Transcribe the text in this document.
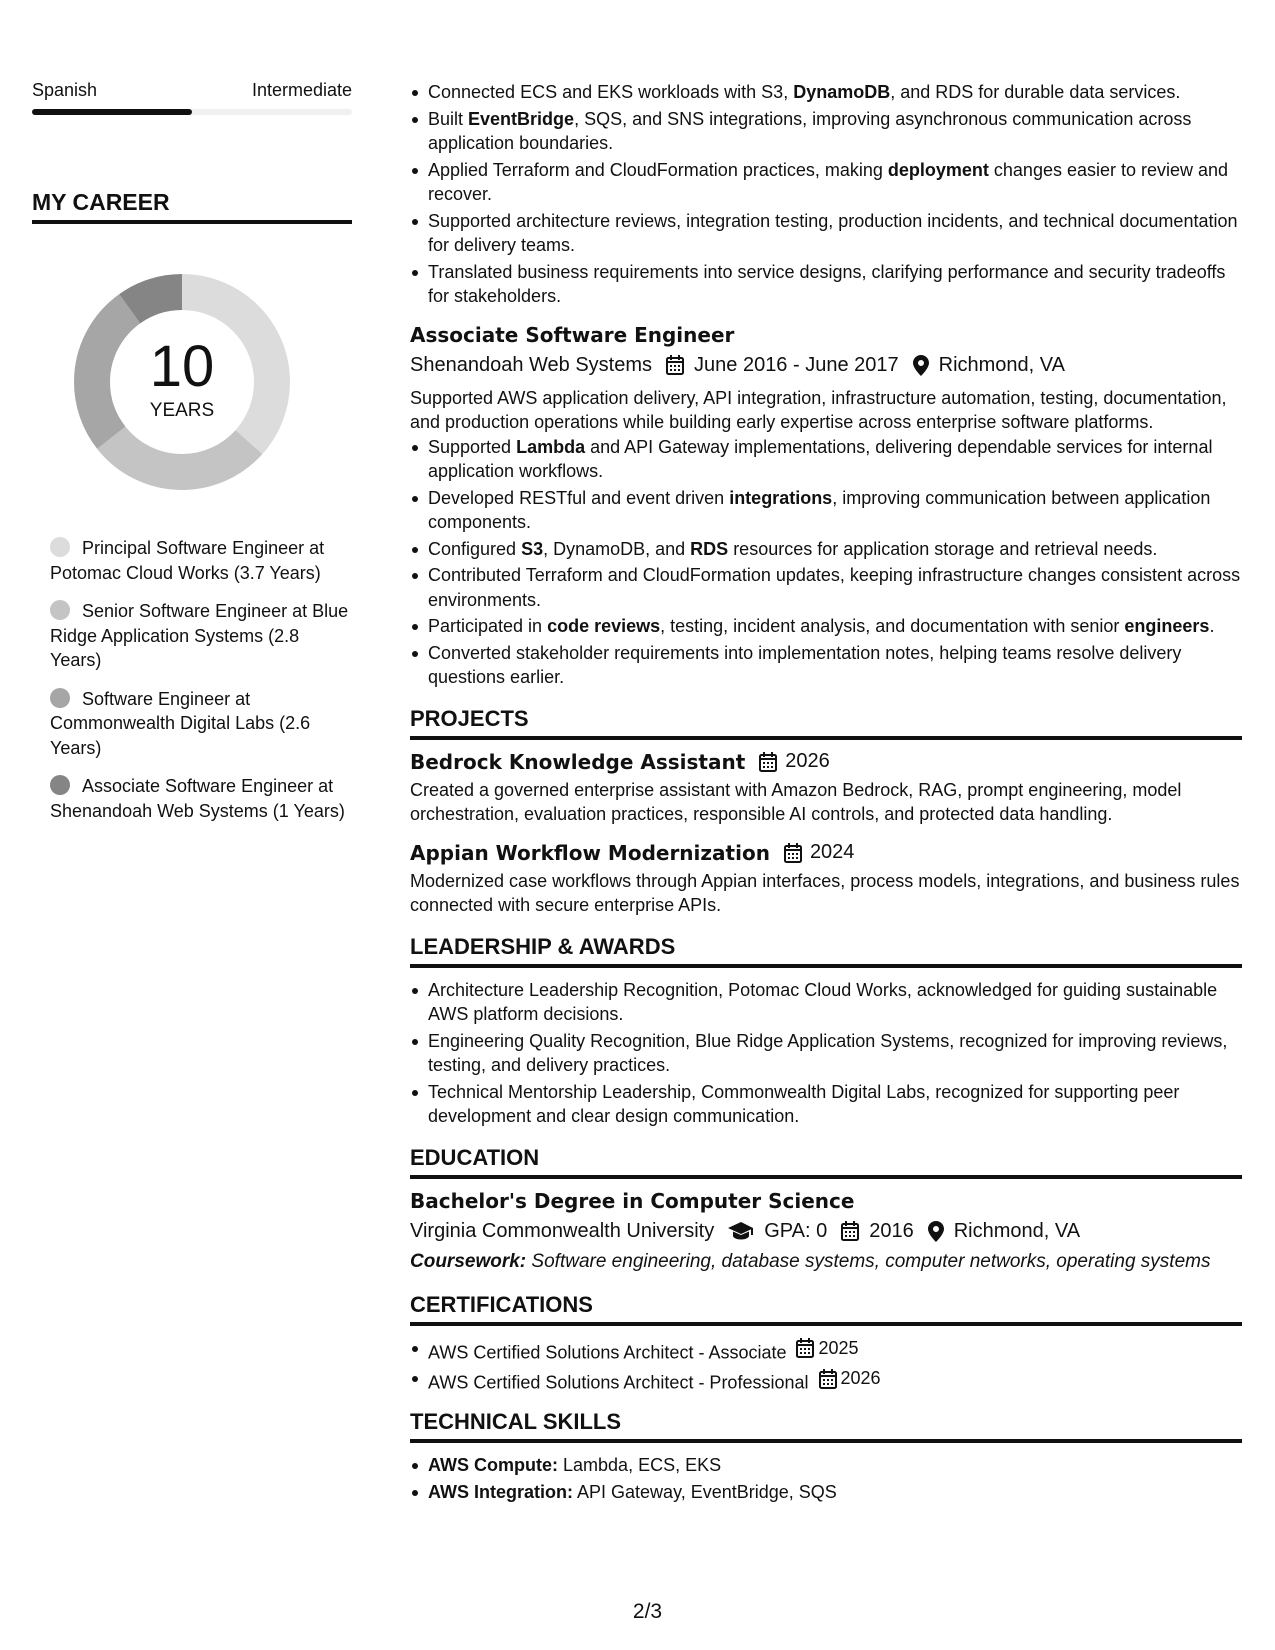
Spanish	Intermediate
MY CAREER
10
YEARS
Principal Software Engineer at Potomac Cloud Works (3.7 Years)
Senior Software Engineer at Blue Ridge Application Systems (2.8 Years)
Software Engineer at Commonwealth Digital Labs (2.6 Years)
Associate Software Engineer at Shenandoah Web Systems (1 Years)
Connected ECS and EKS workloads with S3, DynamoDB, and RDS for durable data services.
Built EventBridge, SQS, and SNS integrations, improving asynchronous communication across application boundaries.
Applied Terraform and CloudFormation practices, making deployment changes easier to review and recover.
Supported architecture reviews, integration testing, production incidents, and technical documentation for delivery teams.
Translated business requirements into service designs, clarifying performance and security tradeoffs for stakeholders.
Associate Software Engineer
Shenandoah Web Systems June 2016 - June 2017 Richmond, VA
Supported AWS application delivery, API integration, infrastructure automation, testing, documentation, and production operations while building early expertise across enterprise software platforms.
Supported Lambda and API Gateway implementations, delivering dependable services for internal application workflows.
Developed RESTful and event driven integrations, improving communication between application components.
Configured S3, DynamoDB, and RDS resources for application storage and retrieval needs.
Contributed Terraform and CloudFormation updates, keeping infrastructure changes consistent across environments.
Participated in code reviews, testing, incident analysis, and documentation with senior engineers.
Converted stakeholder requirements into implementation notes, helping teams resolve delivery questions earlier.
PROJECTS
Bedrock Knowledge Assistant 2026
Created a governed enterprise assistant with Amazon Bedrock, RAG, prompt engineering, model orchestration, evaluation practices, responsible AI controls, and protected data handling.
Appian Workflow Modernization 2024
Modernized case workflows through Appian interfaces, process models, integrations, and business rules connected with secure enterprise APIs.
LEADERSHIP & AWARDS
Architecture Leadership Recognition, Potomac Cloud Works, acknowledged for guiding sustainable AWS platform decisions.
Engineering Quality Recognition, Blue Ridge Application Systems, recognized for improving reviews, testing, and delivery practices.
Technical Mentorship Leadership, Commonwealth Digital Labs, recognized for supporting peer development and clear design communication.
EDUCATION
Bachelor's Degree in Computer Science
Virginia Commonwealth University	GPA: 0 2016 Richmond, VA
Coursework: Software engineering, database systems, computer networks, operating systems
CERTIFICATIONS
AWS Certified Solutions Architect - Associate 2025
AWS Certified Solutions Architect - Professional 2026
TECHNICAL SKILLS
AWS Compute: Lambda, ECS, EKS
AWS Integration: API Gateway, EventBridge, SQS
2/3
